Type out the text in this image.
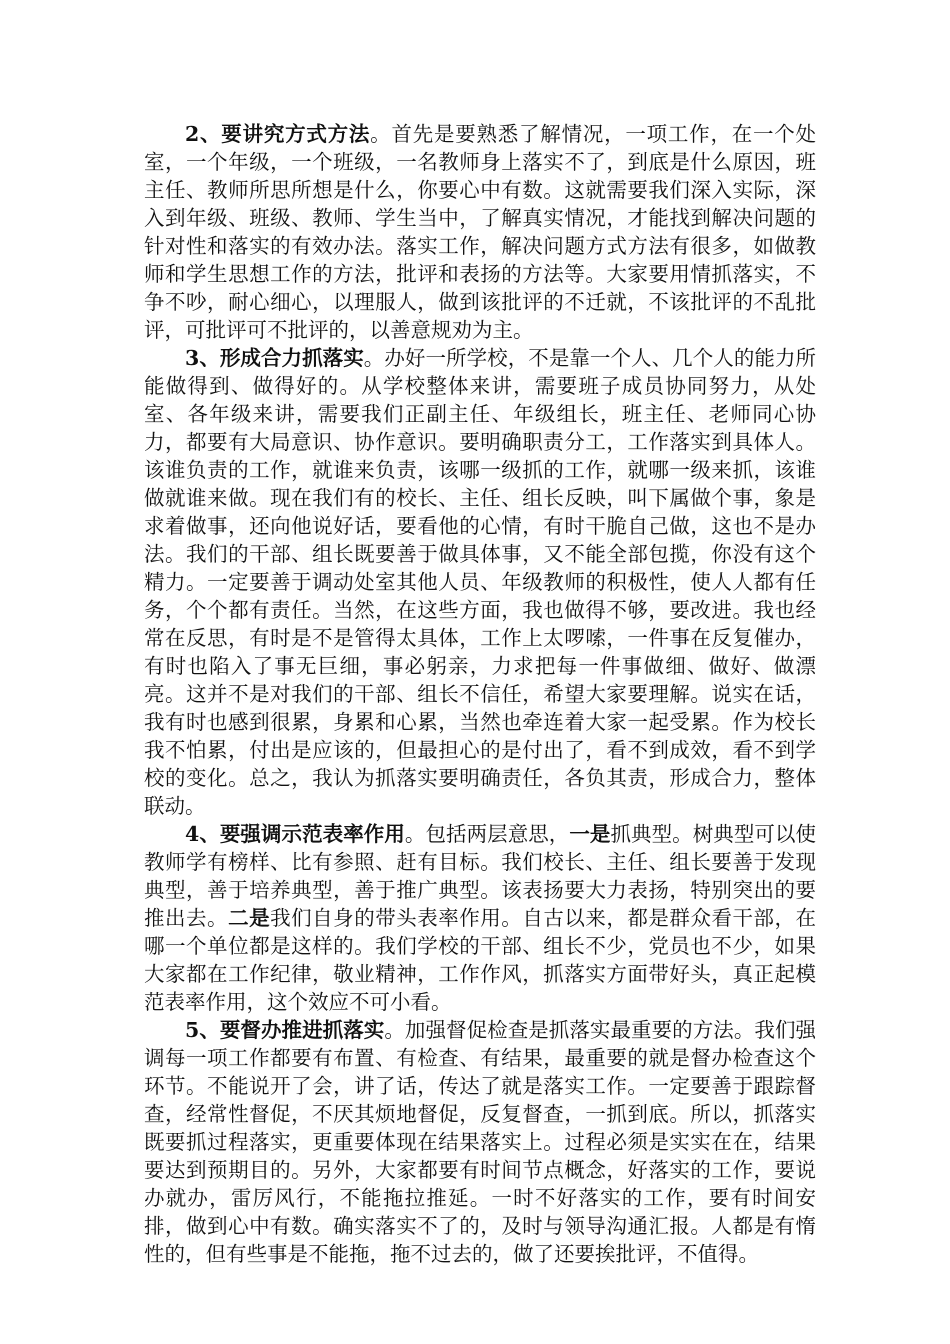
2、要讲究方式方法。首先是要熟悉了解情况，一项工作，在一个处室，一个年级，一个班级，一名教师身上落实不了，到底是什么原因，班主任、教师所思所想是什么，你要心中有数。这就需要我们深入实际，深入到年级、班级、教师、学生当中，了解真实情况，才能找到解决问题的针对性和落实的有效办法。落实工作，解决问题方式方法有很多，如做教师和学生思想工作的方法，批评和表扬的方法等。大家要用情抓落实，不争不吵，耐心细心，以理服人，做到该批评的不迁就，不该批评的不乱批评，可批评可不批评的，以善意规劝为主。

3、形成合力抓落实。办好一所学校，不是靠一个人、几个人的能力所能做得到、做得好的。从学校整体来讲，需要班子成员协同努力，从处室、各年级来讲，需要我们正副主任、年级组长，班主任、老师同心协力，都要有大局意识、协作意识。要明确职责分工，工作落实到具体人。该谁负责的工作，就谁来负责，该哪一级抓的工作，就哪一级来抓，该谁做就谁来做。现在我们有的校长、主任、组长反映，叫下属做个事，象是求着做事，还向他说好话，要看他的心情，有时干脆自己做，这也不是办法。我们的干部、组长既要善于做具体事，又不能全部包揽，你没有这个精力。一定要善于调动处室其他人员、年级教师的积极性，使人人都有任务，个个都有责任。当然，在这些方面，我也做得不够，要改进。我也经常在反思，有时是不是管得太具体，工作上太啰嗦，一件事在反复催办，有时也陷入了事无巨细，事必躬亲，力求把每一件事做细、做好、做漂亮。这并不是对我们的干部、组长不信任，希望大家要理解。说实在话，我有时也感到很累，身累和心累，当然也牵连着大家一起受累。作为校长我不怕累，付出是应该的，但最担心的是付出了，看不到成效，看不到学校的变化。总之，我认为抓落实要明确责任，各负其责，形成合力，整体联动。

4、要强调示范表率作用。包括两层意思，一是抓典型。树典型可以使教师学有榜样、比有参照、赶有目标。我们校长、主任、组长要善于发现典型，善于培养典型，善于推广典型。该表扬要大力表扬，特别突出的要推出去。二是我们自身的带头表率作用。自古以来，都是群众看干部，在哪一个单位都是这样的。我们学校的干部、组长不少，党员也不少，如果大家都在工作纪律，敬业精神，工作作风，抓落实方面带好头，真正起模范表率作用，这个效应不可小看。

5、要督办推进抓落实。加强督促检查是抓落实最重要的方法。我们强调每一项工作都要有布置、有检查、有结果，最重要的就是督办检查这个环节。不能说开了会，讲了话，传达了就是落实工作。一定要善于跟踪督查，经常性督促，不厌其烦地督促，反复督查，一抓到底。所以，抓落实既要抓过程落实，更重要体现在结果落实上。过程必须是实实在在，结果要达到预期目的。另外，大家都要有时间节点概念，好落实的工作，要说办就办，雷厉风行，不能拖拉推延。一时不好落实的工作，要有时间安排，做到心中有数。确实落实不了的，及时与领导沟通汇报。人都是有惰性的，但有些事是不能拖，拖不过去的，做了还要挨批评，不值得。
